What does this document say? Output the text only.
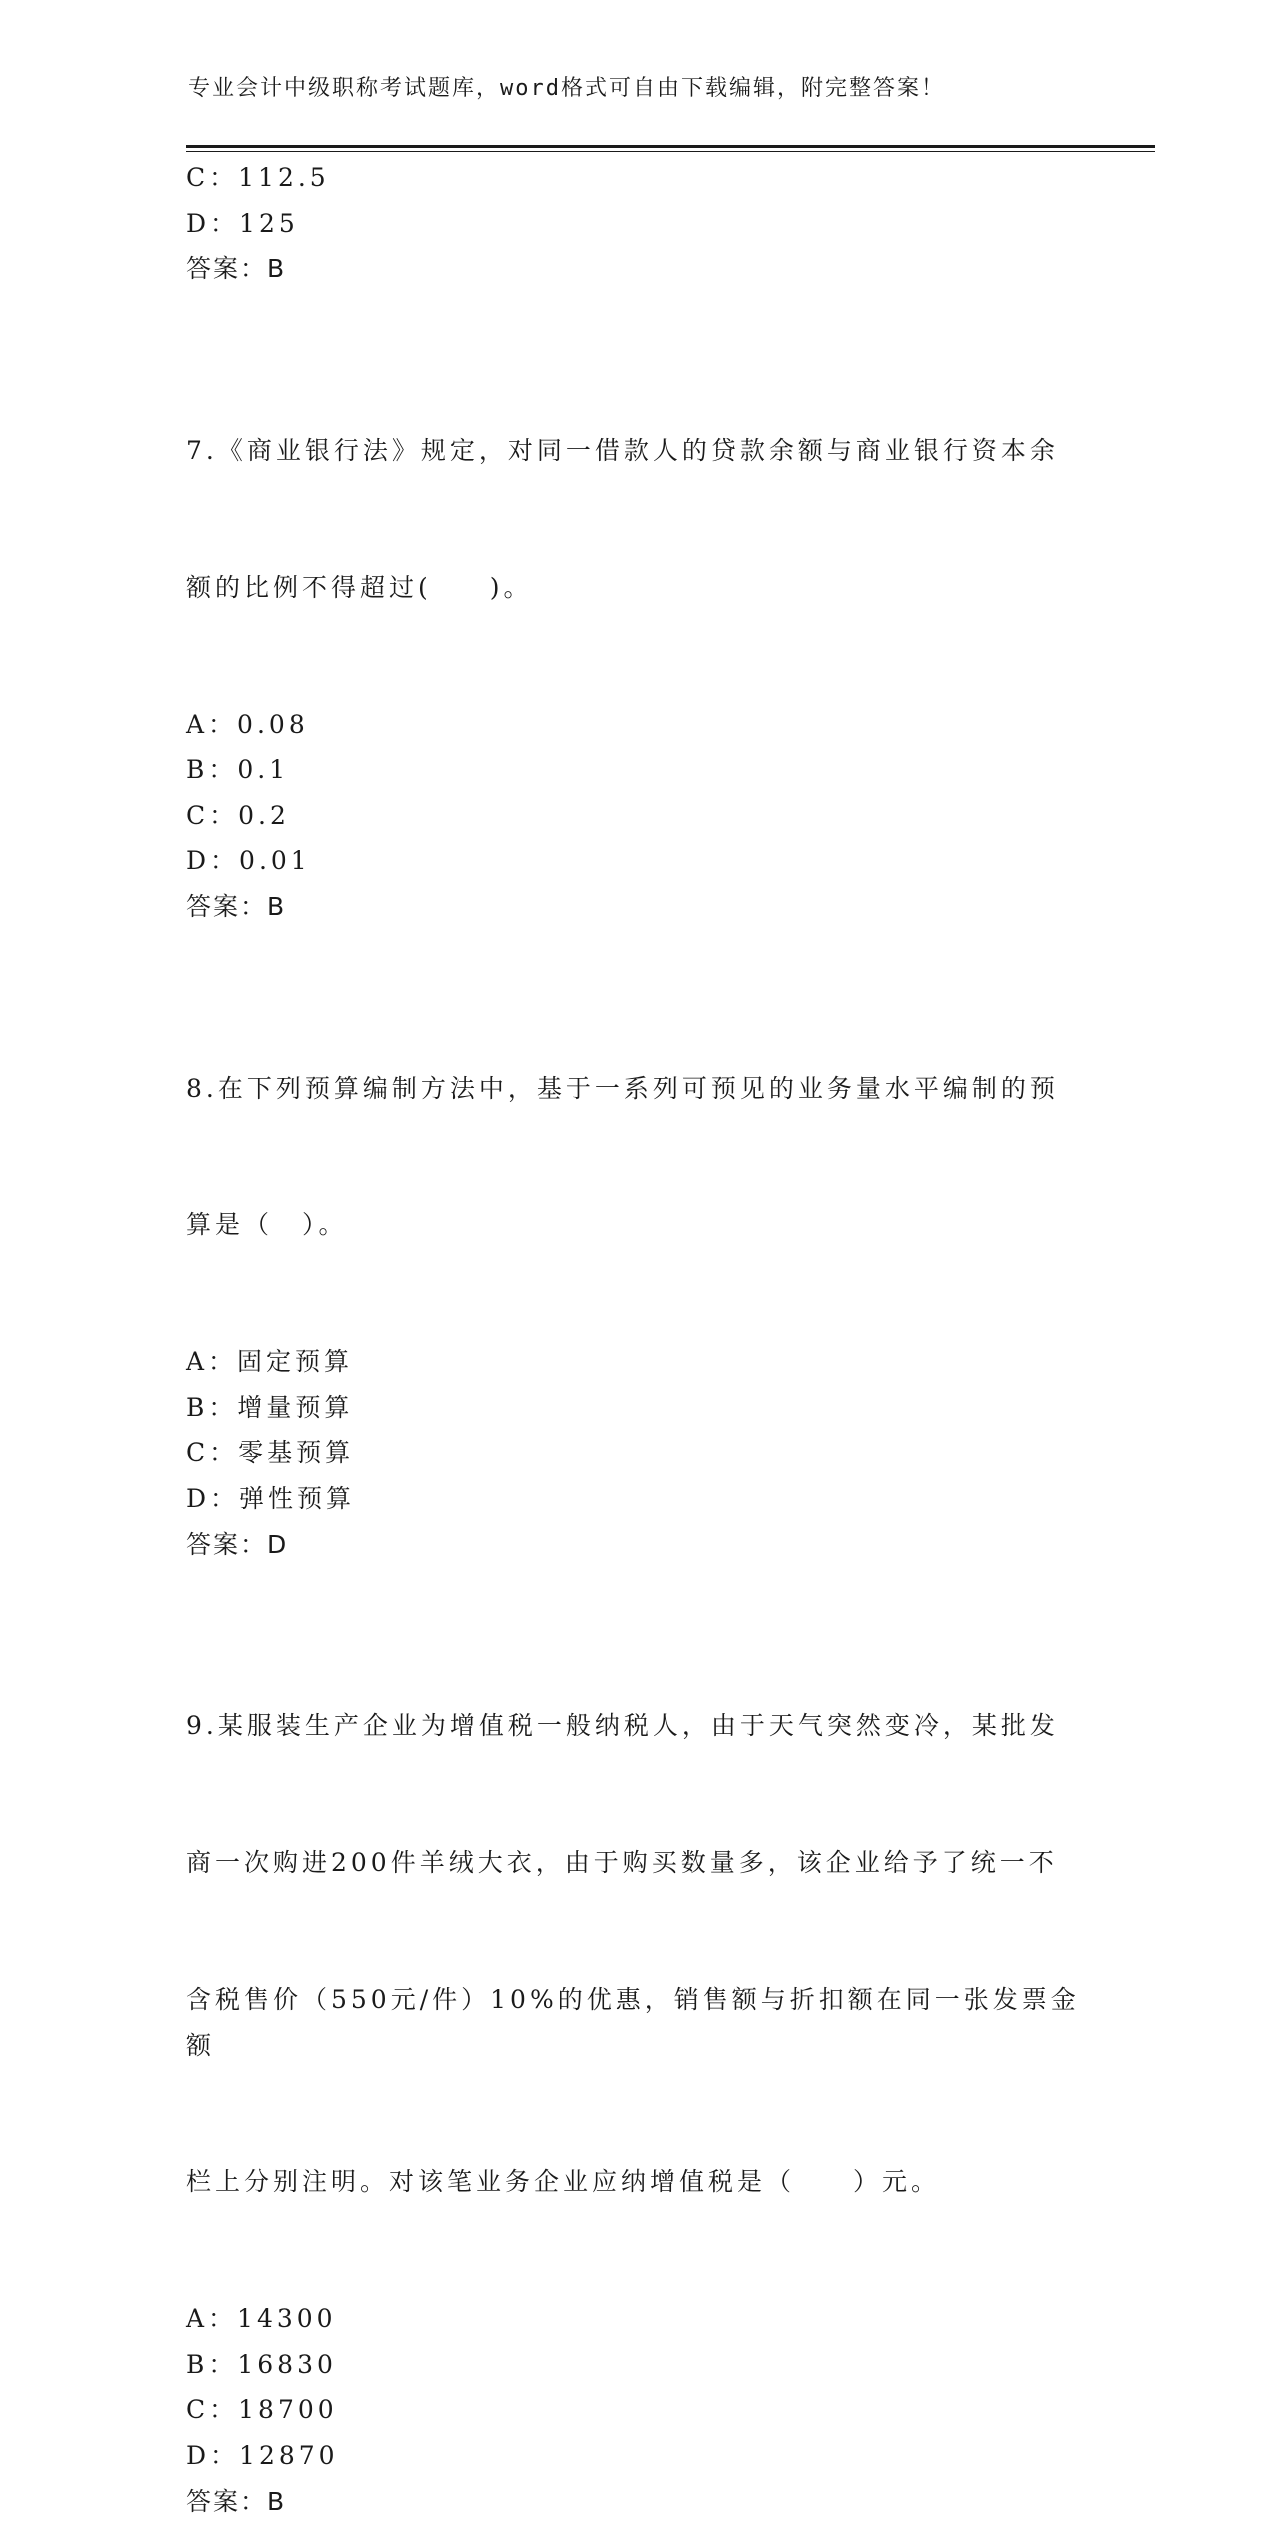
专业会计中级职称考试题库，word格式可自由下载编辑，附完整答案！
C：112.5
D：125
答案：B

7.《商业银行法》规定，对同一借款人的贷款余额与商业银行资本余

额的比例不得超过(　　)。

A：0.08
B：0.1
C：0.2
D：0.01
答案：B

8.在下列预算编制方法中，基于一系列可预见的业务量水平编制的预

算是（　）。

A：固定预算
B：增量预算
C：零基预算
D：弹性预算
答案：D

9.某服装生产企业为增值税一般纳税人，由于天气突然变冷，某批发

商一次购进200件羊绒大衣，由于购买数量多，该企业给予了统一不

含税售价（550元/件）10%的优惠，销售额与折扣额在同一张发票金额

栏上分别注明。对该笔业务企业应纳增值税是（　　）元。

A：14300
B：16830
C：18700
D：12870
答案：B
